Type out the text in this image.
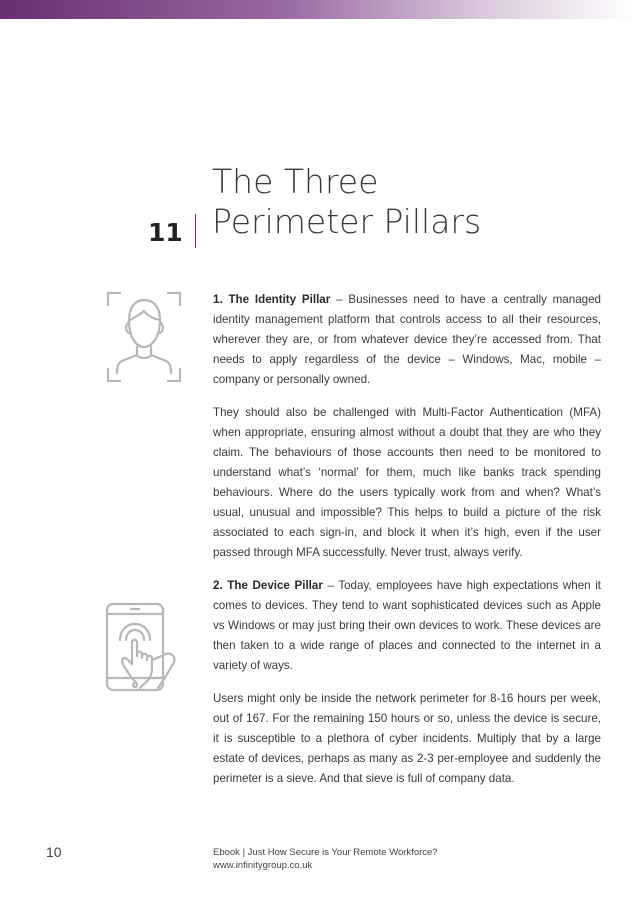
11
The Three
Perimeter Pillars

1. The Identity Pillar – Businesses need to have a centrally managed identity management platform that controls access to all their resources, wherever they are, or from whatever device they’re accessed from. That needs to apply regardless of the device – Windows, Mac, mobile – company or personally owned.

They should also be challenged with Multi-Factor Authentication (MFA) when appropriate, ensuring almost without a doubt that they are who they claim. The behaviours of those accounts then need to be monitored to understand what’s ‘normal’ for them, much like banks track spending behaviours. Where do the users typically work from and when? What’s usual, unusual and impossible? This helps to build a picture of the risk associated to each sign-in, and block it when it’s high, even if the user passed through MFA successfully. Never trust, always verify.

2. The Device Pillar – Today, employees have high expectations when it comes to devices. They tend to want sophisticated devices such as Apple vs Windows or may just bring their own devices to work. These devices are then taken to a wide range of places and connected to the internet in a variety of ways.

Users might only be inside the network perimeter for 8-16 hours per week, out of 167. For the remaining 150 hours or so, unless the device is secure, it is susceptible to a plethora of cyber incidents. Multiply that by a large estate of devices, perhaps as many as 2-3 per-employee and suddenly the perimeter is a sieve. And that sieve is full of company data.

10	Ebook | Just How Secure is Your Remote Workforce?
www.infinitygroup.co.uk
